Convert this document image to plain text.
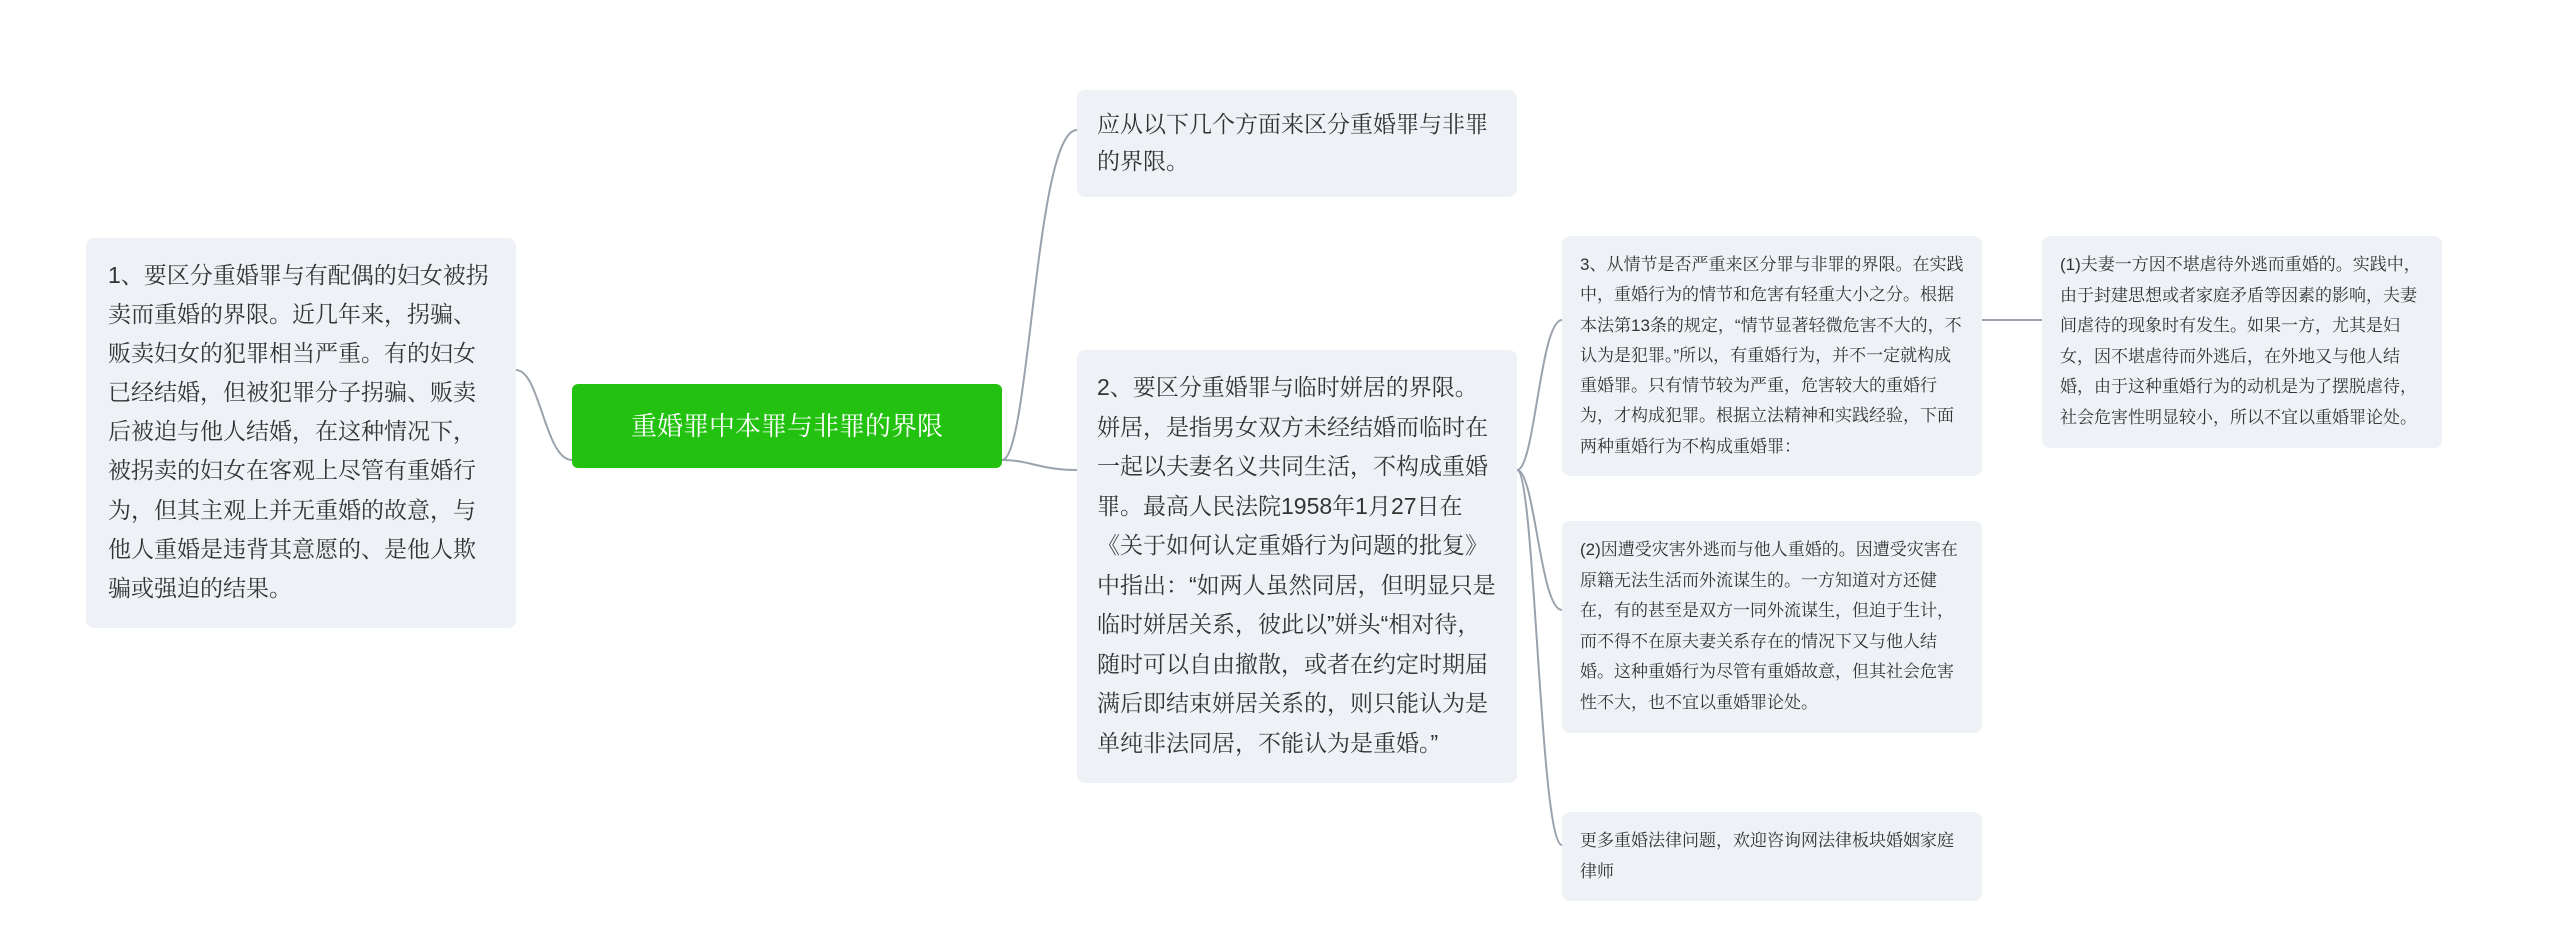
1、要区分重婚罪与有配偶的妇女被拐卖而重婚的界限。近几年来，拐骗、贩卖妇女的犯罪相当严重。有的妇女已经结婚，但被犯罪分子拐骗、贩卖后被迫与他人结婚，在这种情况下，被拐卖的妇女在客观上尽管有重婚行为，但其主观上并无重婚的故意，与他人重婚是违背其意愿的、是他人欺骗或强迫的结果。
重婚罪中本罪与非罪的界限
应从以下几个方面来区分重婚罪与非罪的界限。
2、要区分重婚罪与临时姘居的界限。姘居，是指男女双方未经结婚而临时在一起以夫妻名义共同生活，不构成重婚罪。最高人民法院1958年1月27日在《关于如何认定重婚行为问题的批复》中指出：“如两人虽然同居，但明显只是临时姘居关系，彼此以”姘头“相对待，随时可以自由撤散，或者在约定时期届满后即结束姘居关系的，则只能认为是单纯非法同居，不能认为是重婚。”
3、从情节是否严重来区分罪与非罪的界限。在实践中，重婚行为的情节和危害有轻重大小之分。根据本法第13条的规定，“情节显著轻微危害不大的，不认为是犯罪。”所以，有重婚行为，并不一定就构成重婚罪。只有情节较为严重，危害较大的重婚行为，才构成犯罪。根据立法精神和实践经验，下面两种重婚行为不构成重婚罪：
(1)夫妻一方因不堪虐待外逃而重婚的。实践中，由于封建思想或者家庭矛盾等因素的影响，夫妻间虐待的现象时有发生。如果一方，尤其是妇女，因不堪虐待而外逃后，在外地又与他人结婚，由于这种重婚行为的动机是为了摆脱虐待，社会危害性明显较小，所以不宜以重婚罪论处。
(2)因遭受灾害外逃而与他人重婚的。因遭受灾害在原籍无法生活而外流谋生的。一方知道对方还健在，有的甚至是双方一同外流谋生，但迫于生计，而不得不在原夫妻关系存在的情况下又与他人结婚。这种重婚行为尽管有重婚故意，但其社会危害性不大，也不宜以重婚罪论处。
更多重婚法律问题，欢迎咨询网法律板块婚姻家庭律师
